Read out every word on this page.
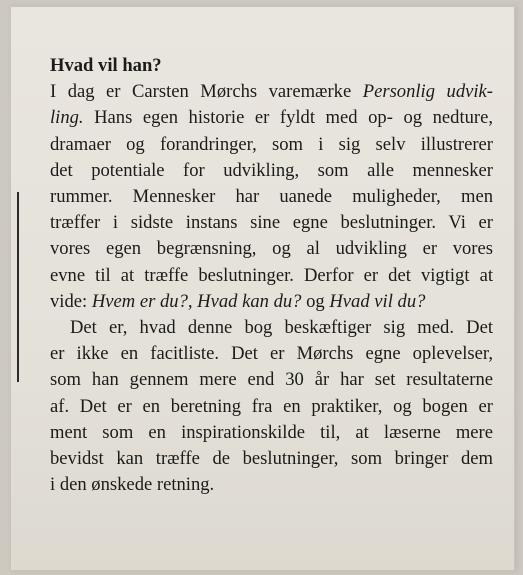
Hvad vil han?

I dag er Carsten Mørchs varemærke Personlig udvik-
ling. Hans egen historie er fyldt med op- og nedture,
dramaer og forandringer, som i sig selv illustrerer
det potentiale for udvikling, som alle mennesker
rummer. Mennesker har uanede muligheder, men
træffer i sidste instans sine egne beslutninger. Vi er
vores egen begrænsning, og al udvikling er vores
evne til at træffe beslutninger. Derfor er det vigtigt at

vide: Hvem er du?, Hvad kan du? og Hvad vil du?

Det er, hvad denne bog beskæftiger sig med. Det

er ikke en facitliste. Det er Mørchs egne oplevelser,

som han gennem mere end 30 år har set resultaterne

af. Det er en beretning fra en praktiker, og bogen er

ment som en inspirationskilde til, at læserne mere

bevidst kan træffe de beslutninger, som bringer dem

i den ønskede retning.
